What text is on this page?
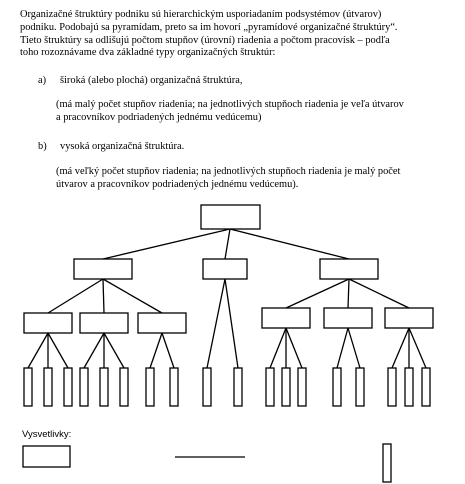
Organizačné štruktúry podniku sú hierarchickým usporiadaním podsystémov (útvarov)
podniku. Podobajú sa pyramídam, preto sa im hovorí „pyramídové organizačné štruktúry“.
Tieto štruktúry sa odlišujú počtom stupňov (úrovní) riadenia a počtom pracovísk – podľa
toho rozoznávame dva základné typy organizačných štruktúr:
a) široká (alebo plochá) organizačná štruktúra,
(má malý počet stupňov riadenia; na jednotlivých stupňoch riadenia je veľa útvarov
a pracovníkov podriadených jednému vedúcemu)
b) vysoká organizačná štruktúra.
(má veľký počet stupňov riadenia; na jednotlivých stupňoch riadenia je malý počet
útvarov a pracovníkov podriadených jednému vedúcemu).
Vysvetlivky:
